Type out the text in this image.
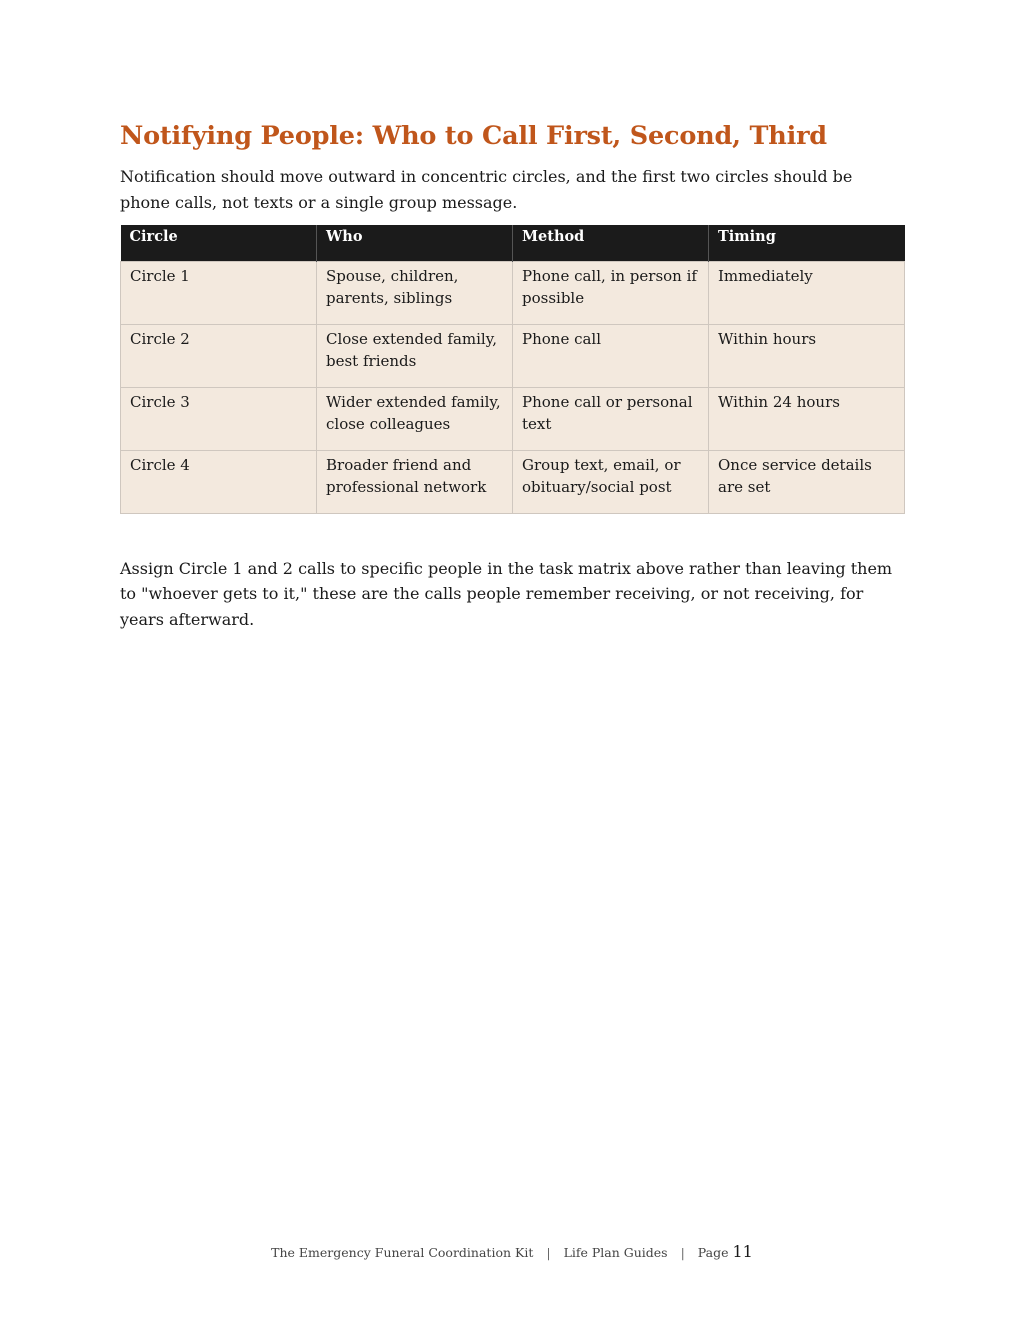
Notifying People: Who to Call First, Second, Third

Notification should move outward in concentric circles, and the first two circles should be phone calls, not texts or a single group message.

Circle	Who	Method	Timing
Circle 1	Spouse, children, parents, siblings	Phone call, in person if possible	Immediately
Circle 2	Close extended family, best friends	Phone call	Within hours
Circle 3	Wider extended family, close colleagues	Phone call or personal text	Within 24 hours
Circle 4	Broader friend and professional network	Group text, email, or obituary/social post	Once service details are set

Assign Circle 1 and 2 calls to specific people in the task matrix above rather than leaving them to "whoever gets to it," these are the calls people remember receiving, or not receiving, for years afterward.

The Emergency Funeral Coordination Kit | Life Plan Guides | Page 11
